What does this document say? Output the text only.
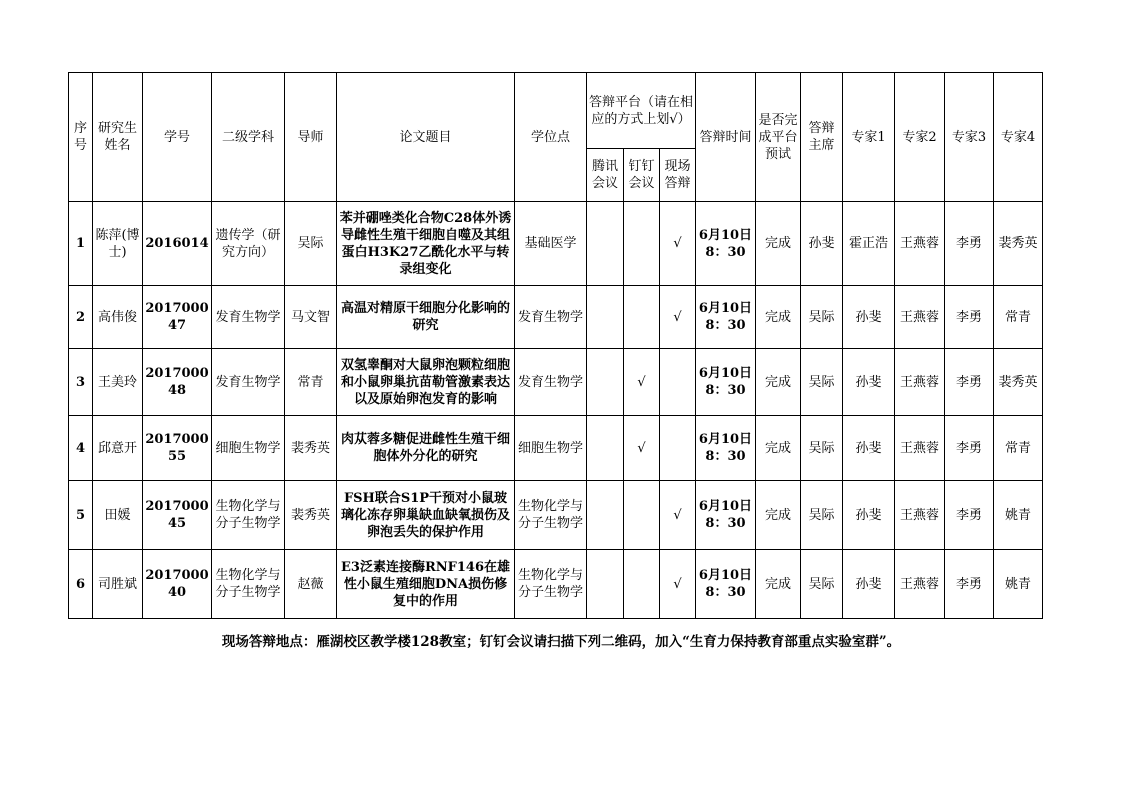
序号	研究生姓名	学号	二级学科	导师	论文题目	学位点	答辩平台（请在相应的方式上划√）			答辩时间	是否完成平台预试	答辩主席	专家1	专家2	专家3	专家4
							腾讯会议	钉钉会议	现场答辩							
1	陈萍(博士)	2016014	遗传学（研究方向）	吴际	苯并硼唑类化合物C28体外诱导雌性生殖干细胞自噬及其组蛋白H3K27乙酰化水平与转录组变化	基础医学			√	6月10日 8：30	完成	孙斐	霍正浩	王燕蓉	李勇	裴秀英
2	高伟俊	201700047	发育生物学	马文智	高温对精原干细胞分化影响的研究	发育生物学			√	6月10日 8：30	完成	吴际	孙斐	王燕蓉	李勇	常青
3	王美玲	201700048	发育生物学	常青	双氢睾酮对大鼠卵泡颗粒细胞和小鼠卵巢抗苗勒管激素表达以及原始卵泡发育的影响	发育生物学		√		6月10日 8：30	完成	吴际	孙斐	王燕蓉	李勇	裴秀英
4	邱意开	201700055	细胞生物学	裴秀英	肉苁蓉多糖促进雌性生殖干细胞体外分化的研究	细胞生物学		√		6月10日 8：30	完成	吴际	孙斐	王燕蓉	李勇	常青
5	田媛	201700045	生物化学与分子生物学	裴秀英	FSH联合S1P干预对小鼠玻璃化冻存卵巢缺血缺氧损伤及卵泡丢失的保护作用	生物化学与分子生物学			√	6月10日 8：30	完成	吴际	孙斐	王燕蓉	李勇	姚青
6	司胜斌	201700040	生物化学与分子生物学	赵薇	E3泛素连接酶RNF146在雄性小鼠生殖细胞DNA损伤修复中的作用	生物化学与分子生物学			√	6月10日 8：30	完成	吴际	孙斐	王燕蓉	李勇	姚青
现场答辩地点：雁湖校区教学楼128教室；钉钉会议请扫描下列二维码，加入“生育力保持教育部重点实验室群”。
